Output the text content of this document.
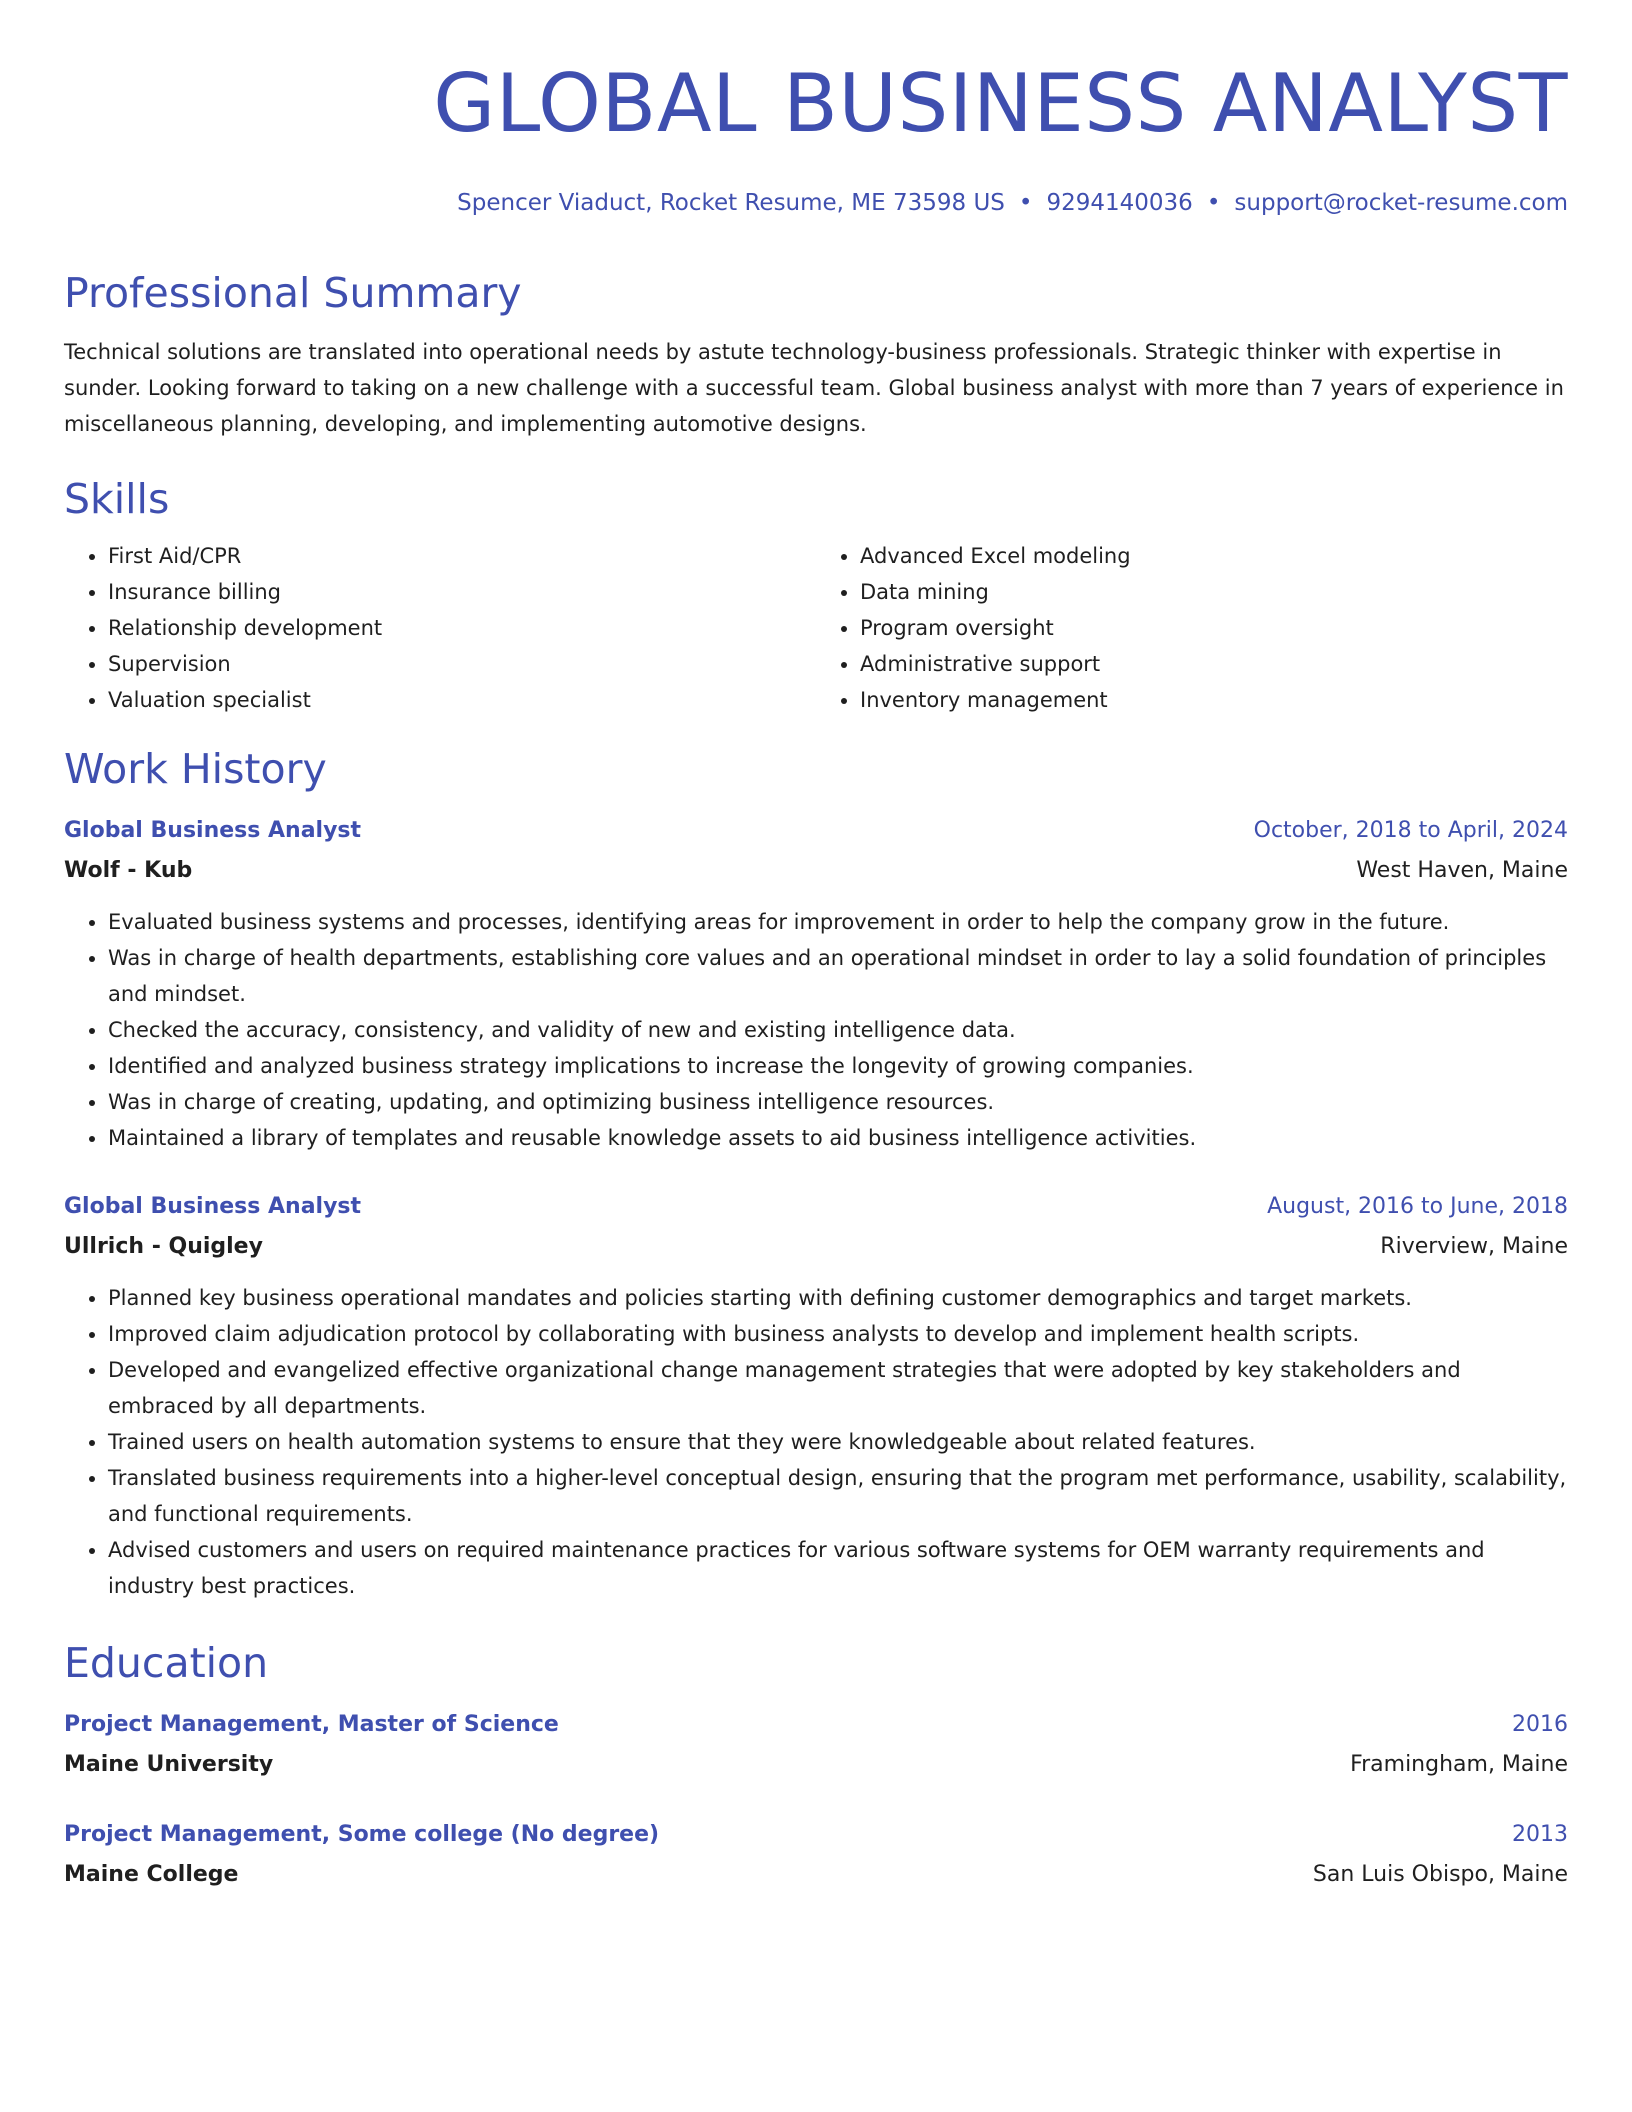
GLOBAL BUSINESS ANALYST
Spencer Viaduct, Rocket Resume, ME 73598 US • 9294140036 • support@rocket-resume.com
Professional Summary
Technical solutions are translated into operational needs by astute technology-business professionals. Strategic thinker with expertise in sunder. Looking forward to taking on a new challenge with a successful team. Global business analyst with more than 7 years of experience in miscellaneous planning, developing, and implementing automotive designs.
Skills
• First Aid/CPR
• Insurance billing
• Relationship development
• Supervision
• Valuation specialist
• Advanced Excel modeling
• Data mining
• Program oversight
• Administrative support
• Inventory management
Work History
Global Business Analyst	October, 2018 to April, 2024
Wolf - Kub	West Haven, Maine
• Evaluated business systems and processes, identifying areas for improvement in order to help the company grow in the future.
• Was in charge of health departments, establishing core values and an operational mindset in order to lay a solid foundation of principles and mindset.
• Checked the accuracy, consistency, and validity of new and existing intelligence data.
• Identified and analyzed business strategy implications to increase the longevity of growing companies.
• Was in charge of creating, updating, and optimizing business intelligence resources.
• Maintained a library of templates and reusable knowledge assets to aid business intelligence activities.
Global Business Analyst	August, 2016 to June, 2018
Ullrich - Quigley	Riverview, Maine
• Planned key business operational mandates and policies starting with defining customer demographics and target markets.
• Improved claim adjudication protocol by collaborating with business analysts to develop and implement health scripts.
• Developed and evangelized effective organizational change management strategies that were adopted by key stakeholders and embraced by all departments.
• Trained users on health automation systems to ensure that they were knowledgeable about related features.
• Translated business requirements into a higher-level conceptual design, ensuring that the program met performance, usability, scalability, and functional requirements.
• Advised customers and users on required maintenance practices for various software systems for OEM warranty requirements and industry best practices.
Education
Project Management, Master of Science	2016
Maine University	Framingham, Maine
Project Management, Some college (No degree)	2013
Maine College	San Luis Obispo, Maine
